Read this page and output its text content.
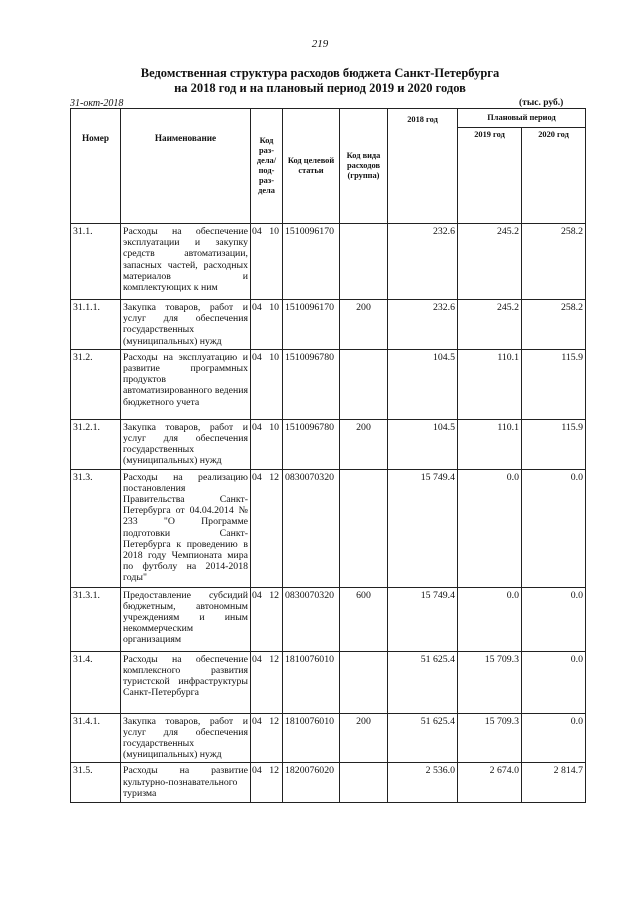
219
Ведомственная структура расходов бюджета Санкт-Петербурга
на 2018 год и на плановый период 2019 и 2020 годов
31-окт-2018	(тыс. руб.)
Номер	Наименование	Код раз-дела/ под-раз-дела	Код целевой статьи	Код вида расходов (группа)	2018 год	Плановый период	
						2019 год	2020 год
31.1.	Расходы на обеспечение эксплуатации и закупку средств автоматизации, запасных частей, расходных материалов и комплектующих к ним	04 10	1510096170		232.6	245.2	258.2
31.1.1.	Закупка товаров, работ и услуг для обеспечения государственных (муниципальных) нужд	04 10	1510096170	200	232.6	245.2	258.2
31.2.	Расходы на эксплуатацию и развитие программных продуктов автоматизированного ведения бюджетного учета	04 10	1510096780		104.5	110.1	115.9
31.2.1.	Закупка товаров, работ и услуг для обеспечения государственных (муниципальных) нужд	04 10	1510096780	200	104.5	110.1	115.9
31.3.	Расходы на реализацию постановления Правительства Санкт-Петербурга от 04.04.2014 № 233 "О Программе подготовки Санкт-Петербурга к проведению в 2018 году Чемпионата мира по футболу на 2014-2018 годы"	04 12	0830070320		15 749.4	0.0	0.0
31.3.1.	Предоставление субсидий бюджетным, автономным учреждениям и иным некоммерческим организациям	04 12	0830070320	600	15 749.4	0.0	0.0
31.4.	Расходы на обеспечение комплексного развития туристской инфраструктуры Санкт-Петербурга	04 12	1810076010		51 625.4	15 709.3	0.0
31.4.1.	Закупка товаров, работ и услуг для обеспечения государственных (муниципальных) нужд	04 12	1810076010	200	51 625.4	15 709.3	0.0
31.5.	Расходы на развитие культурно-познавательного туризма	04 12	1820076020		2 536.0	2 674.0	2 814.7
